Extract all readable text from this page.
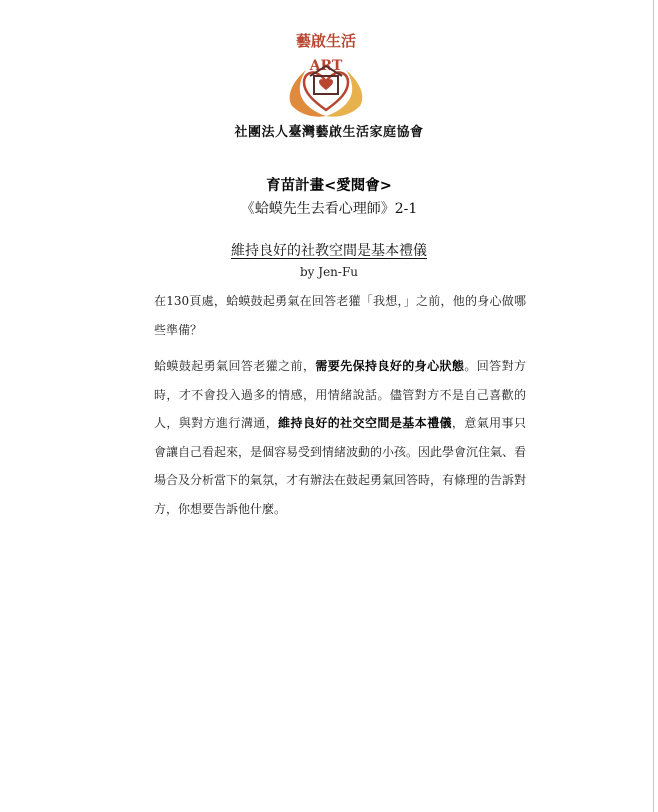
藝啟生活
ART
社團法人臺灣藝啟生活家庭協會
育苗計畫<愛閱會>
《蛤蟆先生去看心理師》2-1
維持良好的社教空間是基本禮儀
by Jen-Fu

在130頁處，蛤蟆鼓起勇氣在回答老獾「我想，」之前，他的身心做哪些準備？

蛤蟆鼓起勇氣回答老獾之前，需要先保持良好的身心狀態。回答對方時，才不會投入過多的情感，用情緒說話。儘管對方不是自己喜歡的人，與對方進行溝通，維持良好的社交空間是基本禮儀，意氣用事只會讓自己看起來，是個容易受到情緒波動的小孩。因此學會沉住氣、看場合及分析當下的氣氛，才有辦法在鼓起勇氣回答時，有條理的告訴對方，你想要告訴他什麼。
